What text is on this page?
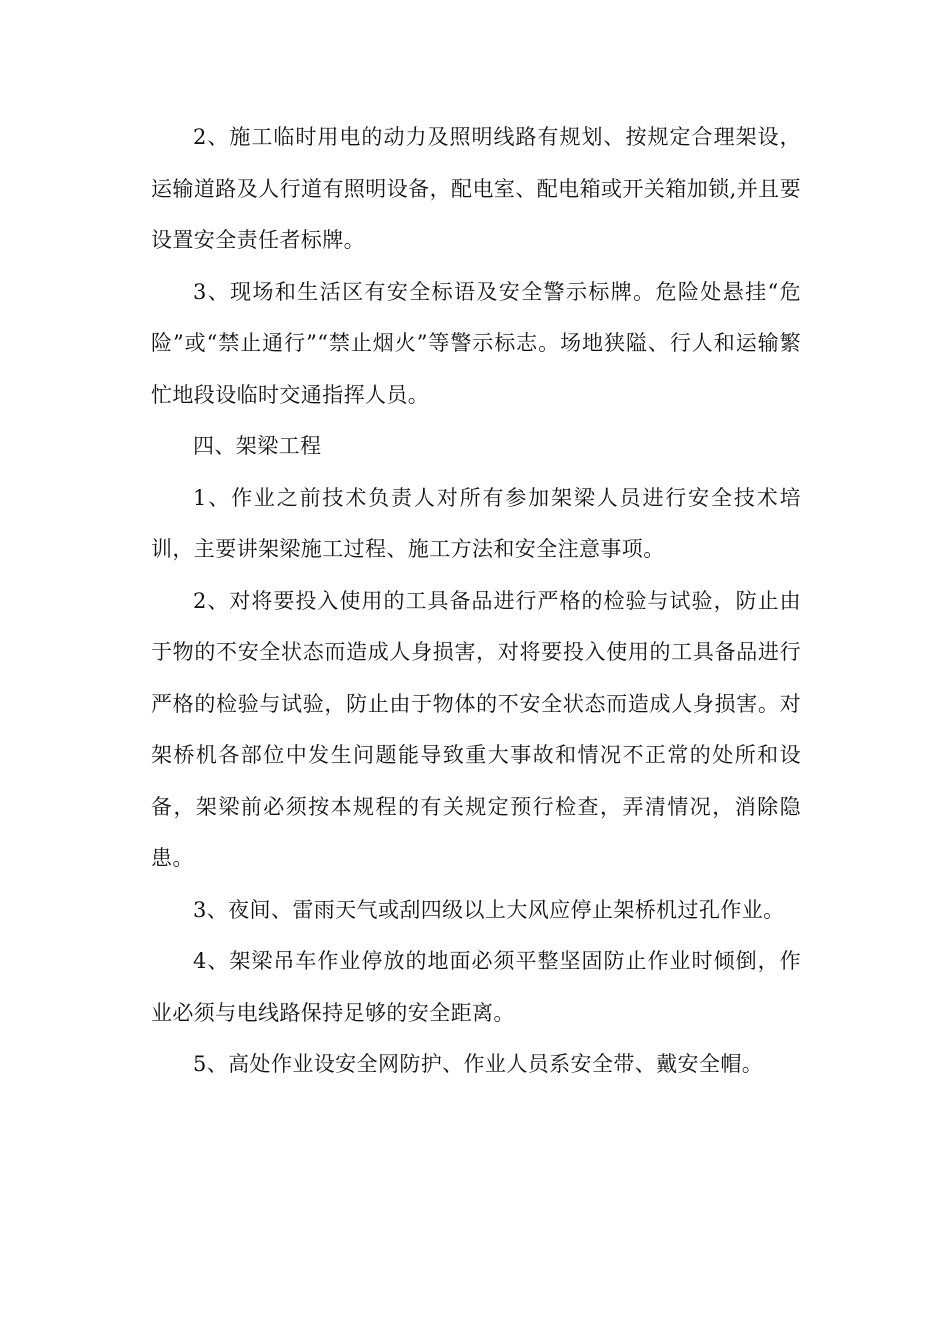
2、施工临时用电的动力及照明线路有规划、按规定合理架设，运输道路及人行道有照明设备，配电室、配电箱或开关箱加锁,并且要设置安全责任者标牌。

3、现场和生活区有安全标语及安全警示标牌。危险处悬挂“危险”或“禁止通行”“禁止烟火”等警示标志。场地狭隘、行人和运输繁忙地段设临时交通指挥人员。

四、架梁工程

1、作业之前技术负责人对所有参加架梁人员进行安全技术培训，主要讲架梁施工过程、施工方法和安全注意事项。

2、对将要投入使用的工具备品进行严格的检验与试验，防止由于物的不安全状态而造成人身损害，对将要投入使用的工具备品进行严格的检验与试验，防止由于物体的不安全状态而造成人身损害。对架桥机各部位中发生问题能导致重大事故和情况不正常的处所和设备，架梁前必须按本规程的有关规定预行检查，弄清情况，消除隐患。

3、夜间、雷雨天气或刮四级以上大风应停止架桥机过孔作业。

4、架梁吊车作业停放的地面必须平整坚固防止作业时倾倒，作业必须与电线路保持足够的安全距离。

5、高处作业设安全网防护、作业人员系安全带、戴安全帽。
